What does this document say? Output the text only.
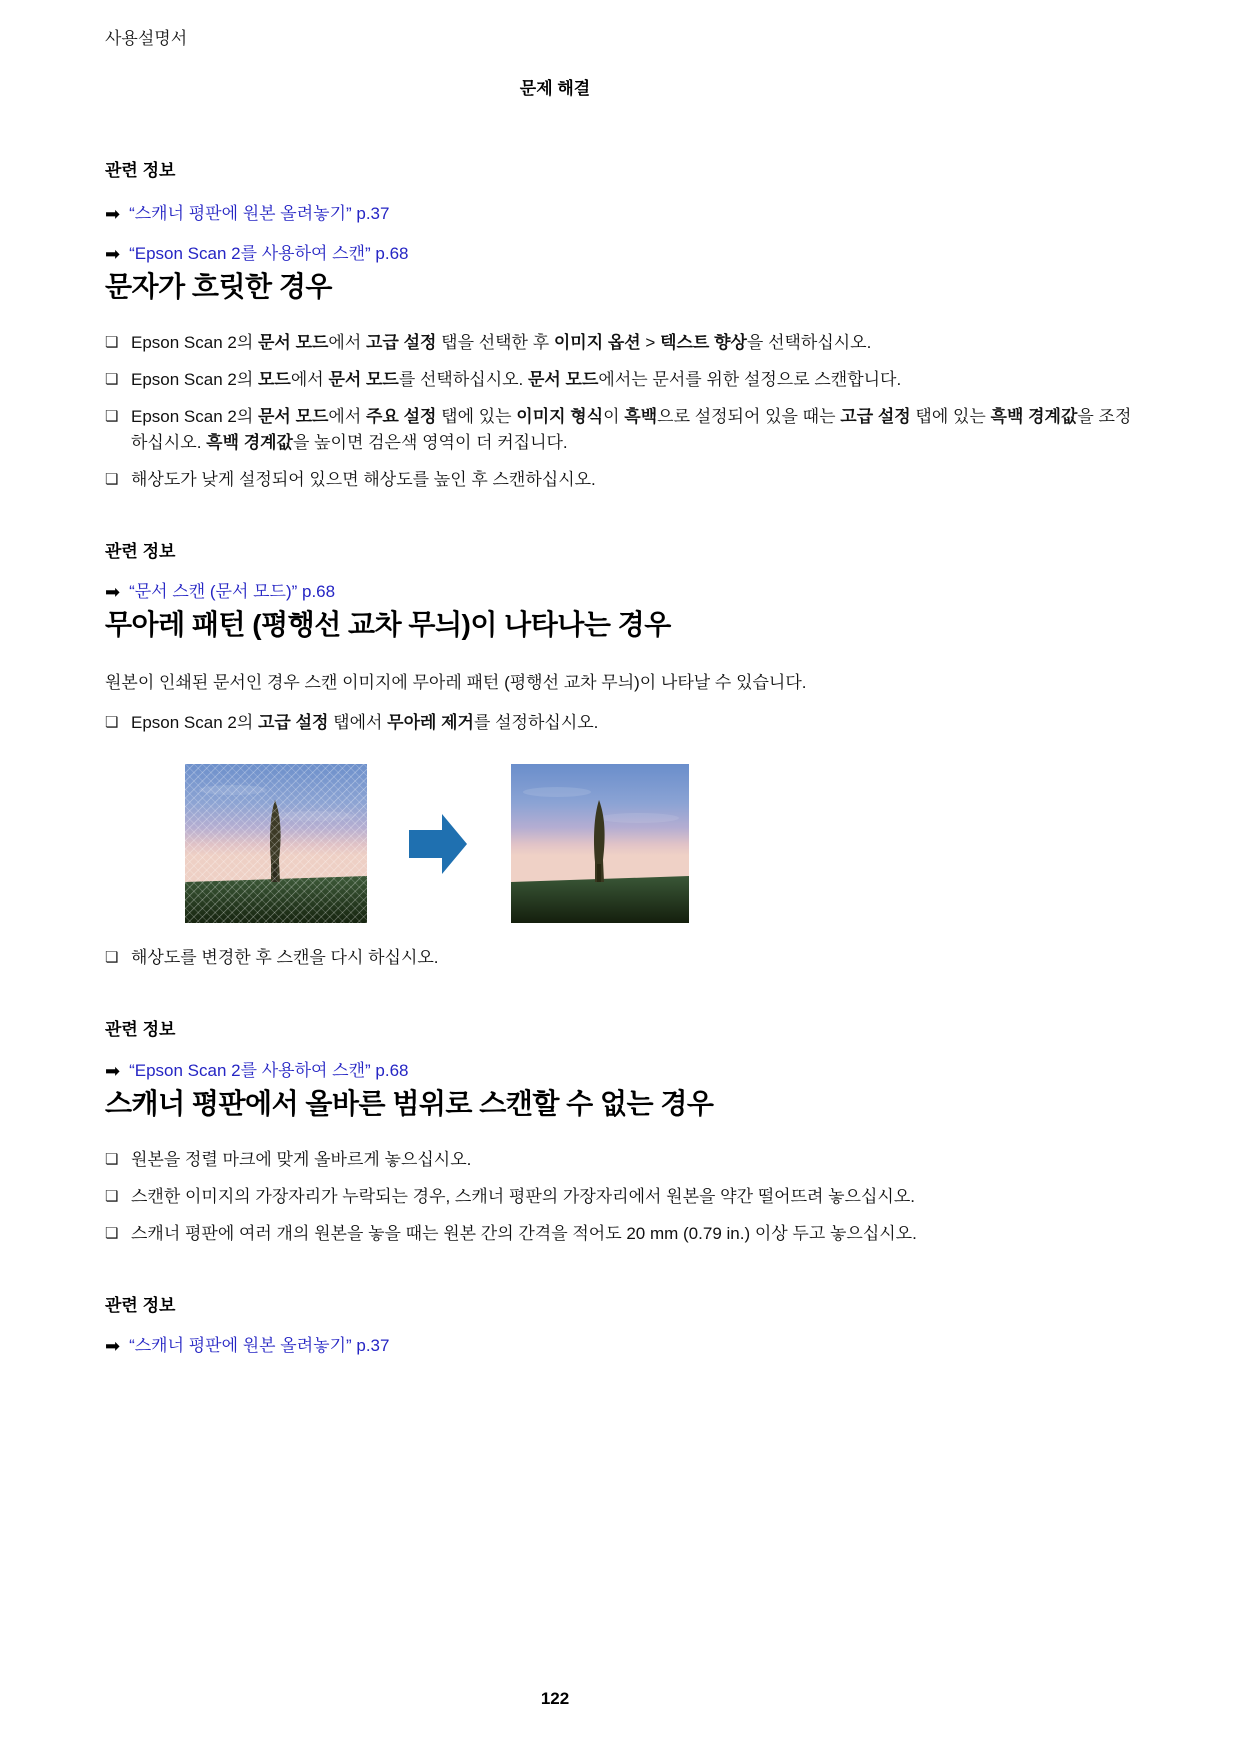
사용설명서
문제 해결
관련 정보
➡ “스캐너 평판에 원본 올려놓기” p.37
➡ “Epson Scan 2를 사용하여 스캔” p.68
문자가 흐릿한 경우
❏ Epson Scan 2의 문서 모드에서 고급 설정 탭을 선택한 후 이미지 옵션 > 텍스트 향상을 선택하십시오.
❏ Epson Scan 2의 모드에서 문서 모드를 선택하십시오. 문서 모드에서는 문서를 위한 설정으로 스캔합니다.
❏ Epson Scan 2의 문서 모드에서 주요 설정 탭에 있는 이미지 형식이 흑백으로 설정되어 있을 때는 고급 설정 탭에 있는 흑백 경계값을 조정하십시오. 흑백 경계값을 높이면 검은색 영역이 더 커집니다.
❏ 해상도가 낮게 설정되어 있으면 해상도를 높인 후 스캔하십시오.
관련 정보
➡ “문서 스캔 (문서 모드)” p.68
무아레 패턴 (평행선 교차 무늬)이 나타나는 경우

원본이 인쇄된 문서인 경우 스캔 이미지에 무아레 패턴 (평행선 교차 무늬)이 나타날 수 있습니다.

❏ Epson Scan 2의 고급 설정 탭에서 무아레 제거를 설정하십시오.
❏ 해상도를 변경한 후 스캔을 다시 하십시오.
관련 정보
➡ “Epson Scan 2를 사용하여 스캔” p.68
스캐너 평판에서 올바른 범위로 스캔할 수 없는 경우
❏ 원본을 정렬 마크에 맞게 올바르게 놓으십시오.
❏ 스캔한 이미지의 가장자리가 누락되는 경우, 스캐너 평판의 가장자리에서 원본을 약간 떨어뜨려 놓으십시오.
❏ 스캐너 평판에 여러 개의 원본을 놓을 때는 원본 간의 간격을 적어도 20 mm (0.79 in.) 이상 두고 놓으십시오.
관련 정보
➡ “스캐너 평판에 원본 올려놓기” p.37
122
